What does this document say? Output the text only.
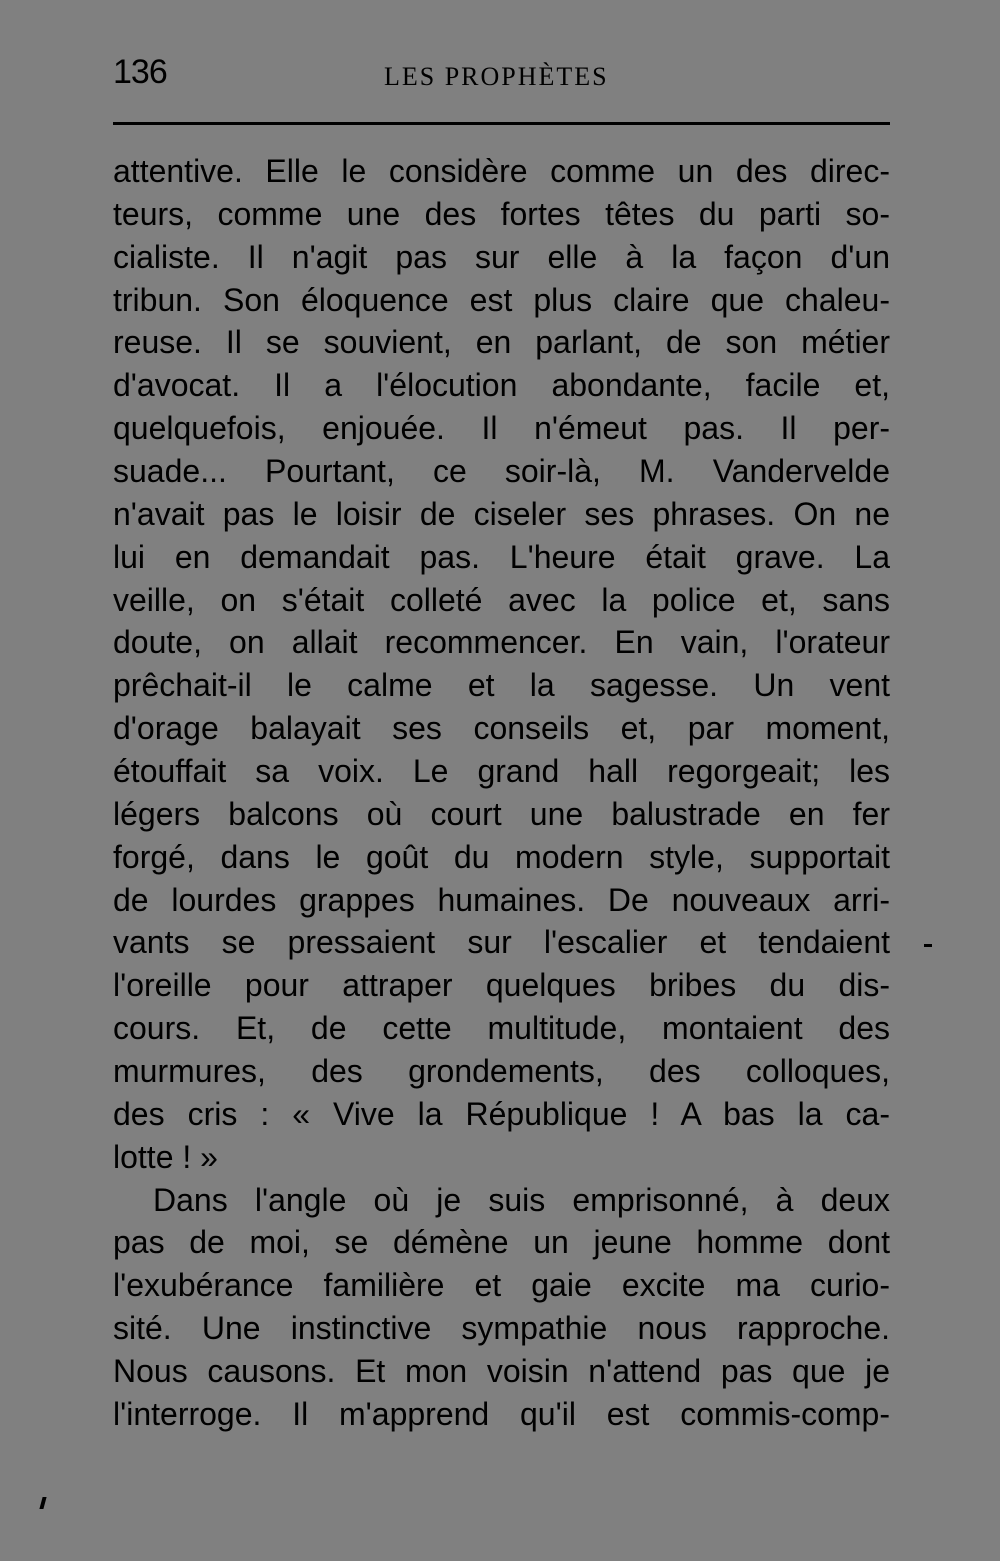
136	LES PROPHÈTES
attentive. Elle le considère comme un des direc-
teurs, comme une des fortes têtes du parti so-
cialiste. Il n'agit pas sur elle à la façon d'un
tribun. Son éloquence est plus claire que chaleu-
reuse. Il se souvient, en parlant, de son métier
d'avocat. Il a l'élocution abondante, facile et,
quelquefois, enjouée. Il n'émeut pas. Il per-
suade... Pourtant, ce soir-là, M. Vandervelde
n'avait pas le loisir de ciseler ses phrases. On ne
lui en demandait pas. L'heure était grave. La
veille, on s'était colleté avec la police et, sans
doute, on allait recommencer. En vain, l'orateur
prêchait-il le calme et la sagesse. Un vent
d'orage balayait ses conseils et, par moment,
étouffait sa voix. Le grand hall regorgeait; les
légers balcons où court une balustrade en fer
forgé, dans le goût du modern style, supportait
de lourdes grappes humaines. De nouveaux arri-
vants se pressaient sur l'escalier et tendaient
l'oreille pour attraper quelques bribes du dis-
cours. Et, de cette multitude, montaient des
murmures, des grondements, des colloques,
des cris : « Vive la République ! A bas la ca-
lotte ! »
Dans l'angle où je suis emprisonné, à deux
pas de moi, se démène un jeune homme dont
l'exubérance familière et gaie excite ma curio-
sité. Une instinctive sympathie nous rapproche.
Nous causons. Et mon voisin n'attend pas que je
l'interroge. Il m'apprend qu'il est commis-comp-
